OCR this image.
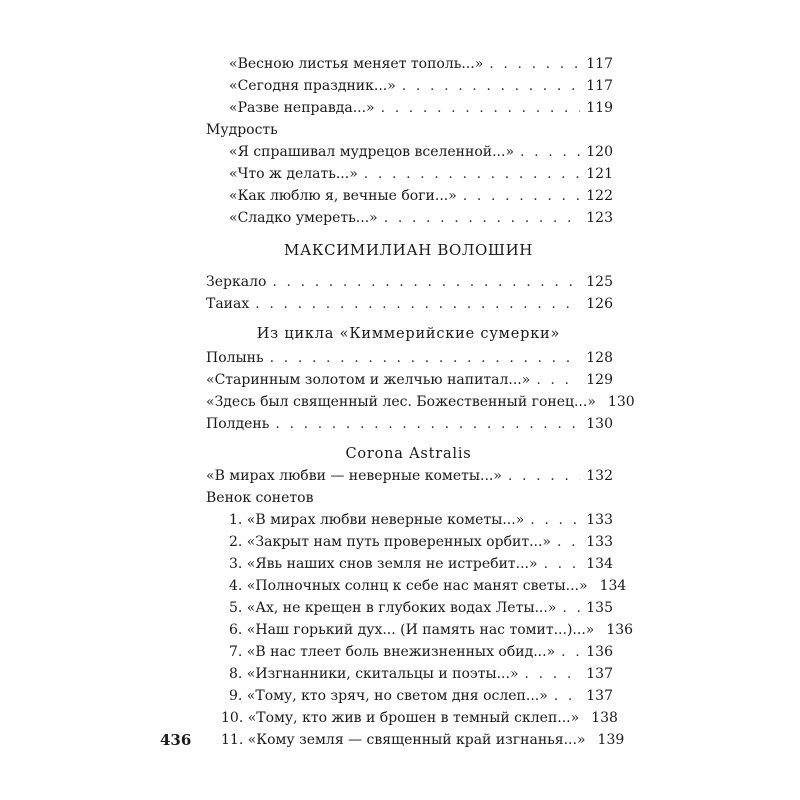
«Весною листья меняет тополь...» . . .	117
«Сегодня праздник...» . . .	117
«Разве неправда...» . . .	119
Мудрость
«Я спрашивал мудрецов вселенной...» . . .	120
«Что ж делать...» . . .	121
«Как люблю я, вечные боги...» . . .	122
«Сладко умереть...» . . .	123
МАКСИМИЛИАН ВОЛОШИН
Зеркало . . .	125
Таиах . . .	126
Из цикла «Киммерийские сумерки»
Полынь . . .	128
«Старинным золотом и желчью напитал...» . . .	129
«Здесь был священный лес. Божественный гонец...» 130
Полдень . . .	130
Corona Astralis
«В мирах любви — неверные кометы...» . . .	132
Венок сонетов
1. «В мирах любви неверные кометы...» . . .	133
2. «Закрыт нам путь проверенных орбит...» . . .	133
3. «Явь наших снов земля не истребит...» . . .	134
4. «Полночных солнц к себе нас манят светы...» 134
5. «Ах, не крещен в глубоких водах Леты...» . . . 135
6. «Наш горький дух... (И память нас томит...)...» 136
7. «В нас тлеет боль внежизненных обид...» . . . 136
8. «Изгнанники, скитальцы и поэты...» . . .	137
9. «Тому, кто зряч, но светом дня ослеп...» . . .	137
10. «Тому, кто жив и брошен в темный склеп...» 138
11. «Кому земля — священный край изгнанья...» 139
436
